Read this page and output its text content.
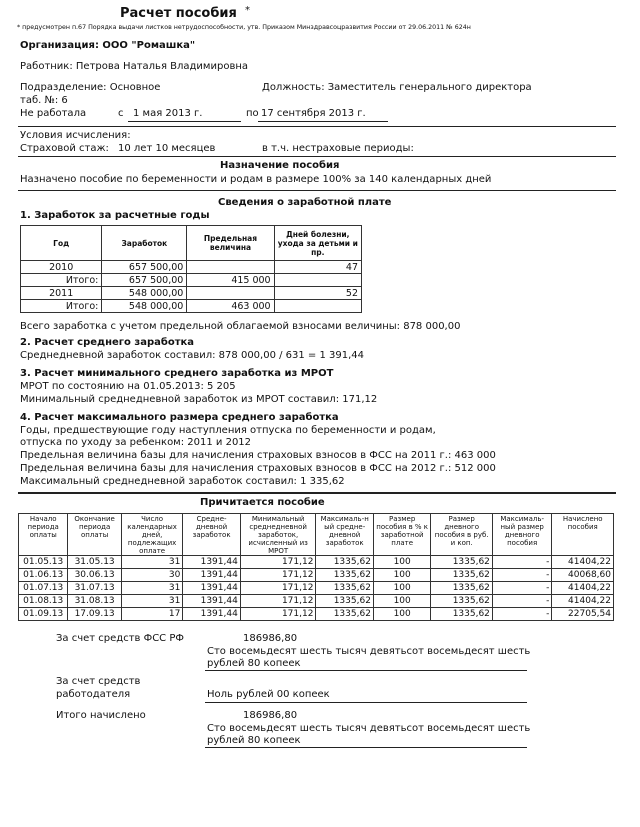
Расчет пособия *
* предусмотрен п.67 Порядка выдачи листков нетрудоспособности, утв. Приказом Минздравсоцразвития России от 29.06.2011 № 624н
Организация: ООО "Ромашка"
Работник: Петрова Наталья Владимировна
Подразделение: Основное	Должность: Заместитель генерального директора
таб. №: 6
Не работала	с 1 мая 2013 г.	по 17 сентября 2013 г.
Условия исчисления:
Страховой стаж: 10 лет 10 месяцев	в т.ч. нестраховые периоды:
Назначение пособия
Назначено пособие по беременности и родам в размере 100% за 140 календарных дней
Сведения о заработной плате
1. Заработок за расчетные годы
Год	Заработок	Предельная величина	Дней болезни, ухода за детьми и пр.
2010	657 500,00		47
Итого:	657 500,00	415 000	
2011	548 000,00		52
Итого:	548 000,00	463 000	
Всего заработка с учетом предельной облагаемой взносами величины: 878 000,00
2. Расчет среднего заработка
Среднедневной заработок составил: 878 000,00 / 631 = 1 391,44
3. Расчет минимального среднего заработка из МРОТ
МРОТ по состоянию на 01.05.2013: 5 205
Минимальный среднедневной заработок из МРОТ составил: 171,12
4. Расчет максимального размера среднего заработка
Годы, предшествующие году наступления отпуска по беременности и родам,
отпуска по уходу за ребенком: 2011 и 2012
Предельная величина базы для начисления страховых взносов в ФСС на 2011 г.: 463 000
Предельная величина базы для начисления страховых взносов в ФСС на 2012 г.: 512 000
Максимальный среднедневной заработок составил: 1 335,62
Причитается пособие
Начало периода оплаты	Окончание периода оплаты	Число календарных дней, подлежащих оплате	Средне-дневной заработок	Минимальный среднедневной заработок, исчисленный из МРОТ	Максималь-н ый средне-дневной заработок	Размер пособия в % к заработной плате	Размер дневного пособия в руб. и коп.	Максималь-ный размер дневного пособия	Начислено пособия
01.05.13	31.05.13	31	1391,44	171,12	1335,62	100	1335,62	-	41404,22
01.06.13	30.06.13	30	1391,44	171,12	1335,62	100	1335,62	-	40068,60
01.07.13	31.07.13	31	1391,44	171,12	1335,62	100	1335,62	-	41404,22
01.08.13	31.08.13	31	1391,44	171,12	1335,62	100	1335,62	-	41404,22
01.09.13	17.09.13	17	1391,44	171,12	1335,62	100	1335,62	-	22705,54
За счет средств ФСС РФ	186986,80
Сто восемьдесят шесть тысяч девятьсот восемьдесят шесть
рублей 80 копеек
За счет средств
работодателя	Ноль рублей 00 копеек
Итого начислено	186986,80
Сто восемьдесят шесть тысяч девятьсот восемьдесят шесть
рублей 80 копеек
